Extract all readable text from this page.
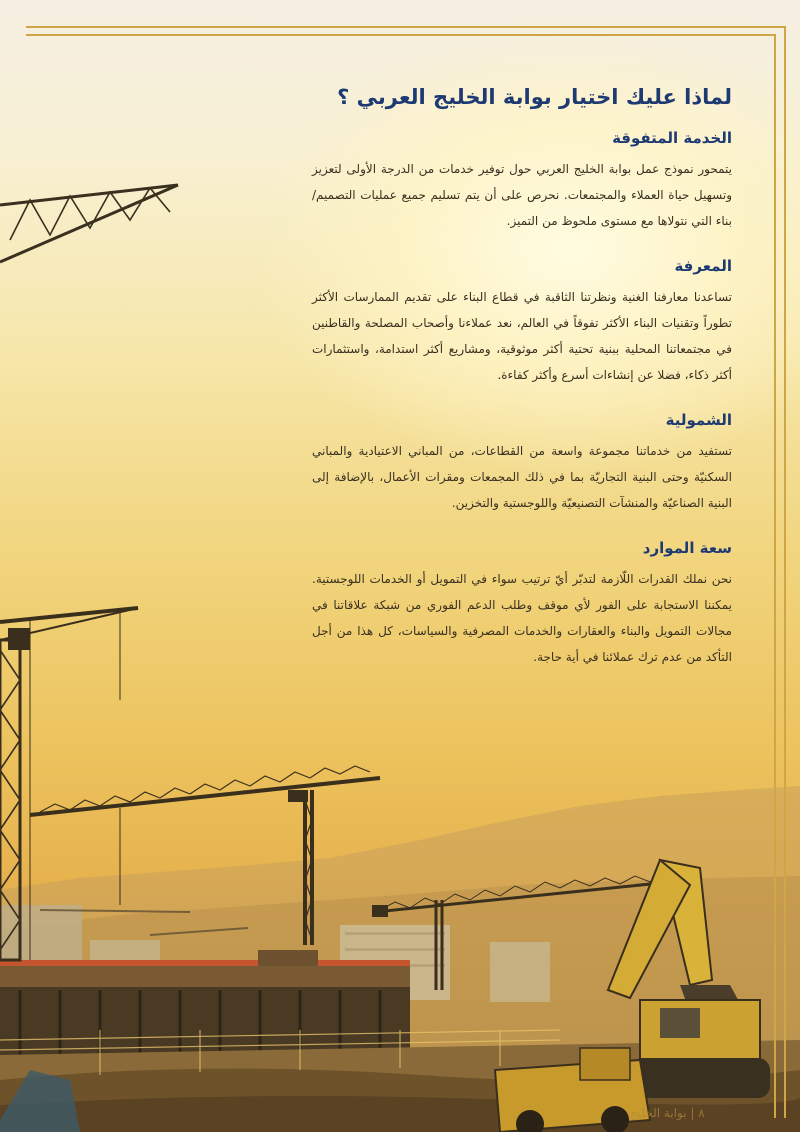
لماذا عليك اختيار بوابة الخليج العربي ؟
الخدمة المتفوقة

يتمحور نموذج عمل بوابة الخليج العربي حول توفير خدمات من الدرجة الأولى لتعزيز وتسهيل حياة العملاء والمجتمعات. نحرص على أن يتم تسليم جميع عمليات التصميم/بناء التي نتولاها مع مستوى ملحوظ من التميز.

المعرفة

تساعدنا معارفنا الغنية ونظرتنا الثاقبة في قطاع البناء على تقديم الممارسات الأكثر تطوراً وتقنيات البناء الأكثر تفوقاً في العالم، نعد عملاءنا وأصحاب المصلحة والقاطنين في مجتمعاتنا المحلية ببنية تحتية أكثر موثوقية، ومشاريع أكثر استدامة، واستثمارات أكثر ذكاء، فضلا عن إنشاءات أسرع وأكثر كفاءة.

الشمولية

تستفيد من خدماتنا مجموعة واسعة من القطاعات، من المباني الاعتيادية والمباني السكنيّة وحتى البنية التجاريّة بما في ذلك المجمعات ومقرات الأعمال، بالإضافة إلى البنية الصناعيّة والمنشآت التصنيعيّة واللوجستية والتخزين.

سعة الموارد

نحن نملك القدرات اللّازمة لتدبّر أيّ ترتيب سواء في التمويل أو الخدمات اللوجستية. يمكننا الاستجابة على الفور لأي موقف وطلب الدعم الفوري من شبكة علاقاتنا في مجالات التمويل والبناء والعقارات والخدمات المصرفية والسياسات، كل هذا من أجل التأكد من عدم ترك عملائنا في أية حاجة.

٨ | بوابة الخليج
